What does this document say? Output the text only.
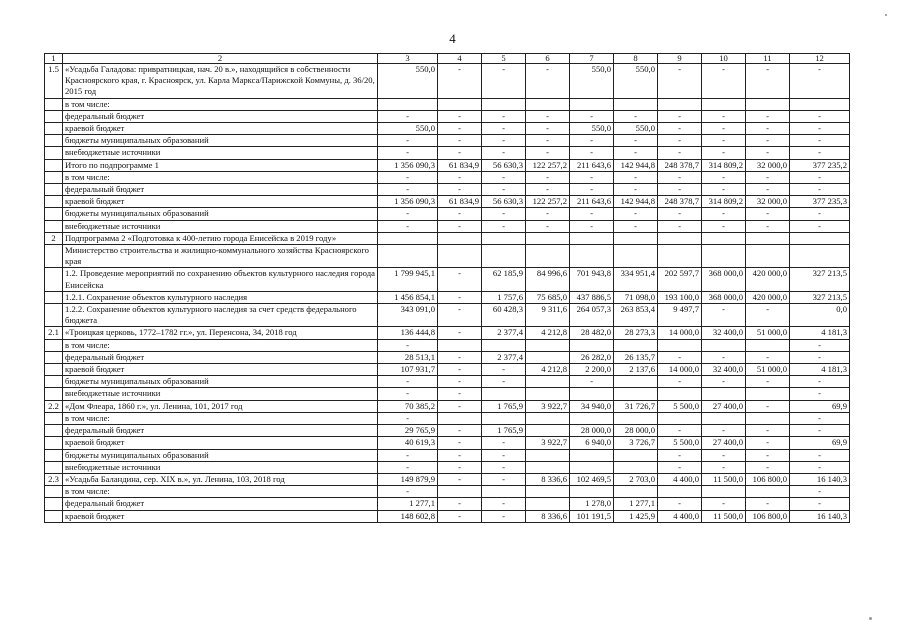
4
1	2	3	4	5	6	7	8	9	10	11	12
1.5	«Усадьба Галадова: привратницкая, нач. 20 в.», находящийся в собственности Красноярского края, г. Красноярск, ул. Карла Маркса/Парижской Коммуны, д. 36/20, 2015 год	550,0	-	-	-	550,0	550,0	-	-	-	-
	в том числе:										
	федеральный бюджет	-	-	-	-	-	-	-	-	-	-
	краевой бюджет	550,0	-	-	-	550,0	550,0	-	-	-	-
	бюджеты муниципальных образований	-	-	-	-	-	-	-	-	-	-
	внебюджетные источники	-	-	-	-	-	-	-	-	-	-
	Итого по подпрограмме 1	1 356 090,3	61 834,9	56 630,3	122 257,2	211 643,6	142 944,8	248 378,7	314 809,2	32 000,0	377 235,2
	в том числе:	-	-	-	-	-	-	-	-	-	-
	федеральный бюджет	-	-	-	-	-	-	-	-	-	-
	краевой бюджет	1 356 090,3	61 834,9	56 630,3	122 257,2	211 643,6	142 944,8	248 378,7	314 809,2	32 000,0	377 235,3
	бюджеты муниципальных образований	-	-	-	-	-	-	-	-	-	-
	внебюджетные источники	-	-	-	-	-	-	-	-	-	-
2	Подпрограмма 2 «Подготовка к 400-летию города Енисейска в 2019 году»										
	Министерство строительства и жилищно-коммунального хозяйства Красноярского края										
	1.2. Проведение мероприятий по сохранению объектов культурного наследия города Енисейска	1 799 945,1	-	62 185,9	84 996,6	701 943,8	334 951,4	202 597,7	368 000,0	420 000,0	327 213,5
	1.2.1. Сохранение объектов культурного наследия	1 456 854,1	-	1 757,6	75 685,0	437 886,5	71 098,0	193 100,0	368 000,0	420 000,0	327 213,5
	1.2.2. Сохранение объектов культурного наследия за счет средств федерального бюджета	343 091,0	-	60 428,3	9 311,6	264 057,3	263 853,4	9 497,7	-	-	0,0
2.1	«Троицкая церковь, 1772–1782 гг.», ул. Перенсона, 34, 2018 год	136 444,8	-	2 377,4	4 212,8	28 482,0	28 273,3	14 000,0	32 400,0	51 000,0	4 181,3
	в том числе:	-									-
	федеральный бюджет	28 513,1	-	2 377,4		26 282,0	26 135,7	-	-	-	-
	краевой бюджет	107 931,7	-	-	4 212,8	2 200,0	2 137,6	14 000,0	32 400,0	51 000,0	4 181,3
	бюджеты муниципальных образований	-	-	-		-		-	-	-	-
	внебюджетные источники	-	-								-
2.2	«Дом Флеара, 1860 г.», ул. Ленина, 101, 2017 год	70 385,2	-	1 765,9	3 922,7	34 940,0	31 726,7	5 500,0	27 400,0	-	69,9
	в том числе:	-									-
	федеральный бюджет	29 765,9	-	1 765,9		28 000,0	28 000,0	-	-	-	-
	краевой бюджет	40 619,3	-	-	3 922,7	6 940,0	3 726,7	5 500,0	27 400,0	-	69,9
	бюджеты муниципальных образований	-	-	-				-	-	-	-
	внебюджетные источники	-	-	-				-	-	-	-
2.3	«Усадьба Баландина, сер. XIX в.», ул. Ленина, 103, 2018 год	149 879,9	-	-	8 336,6	102 469,5	2 703,0	4 400,0	11 500,0	106 800,0	16 140,3
	в том числе:	-									-
	федеральный бюджет	1 277,1	-	-		1 278,0	1 277,1	-	-	-	-
	краевой бюджет	148 602,8	-	-	8 336,6	101 191,5	1 425,9	4 400,0	11 500,0	106 800,0	16 140,3
